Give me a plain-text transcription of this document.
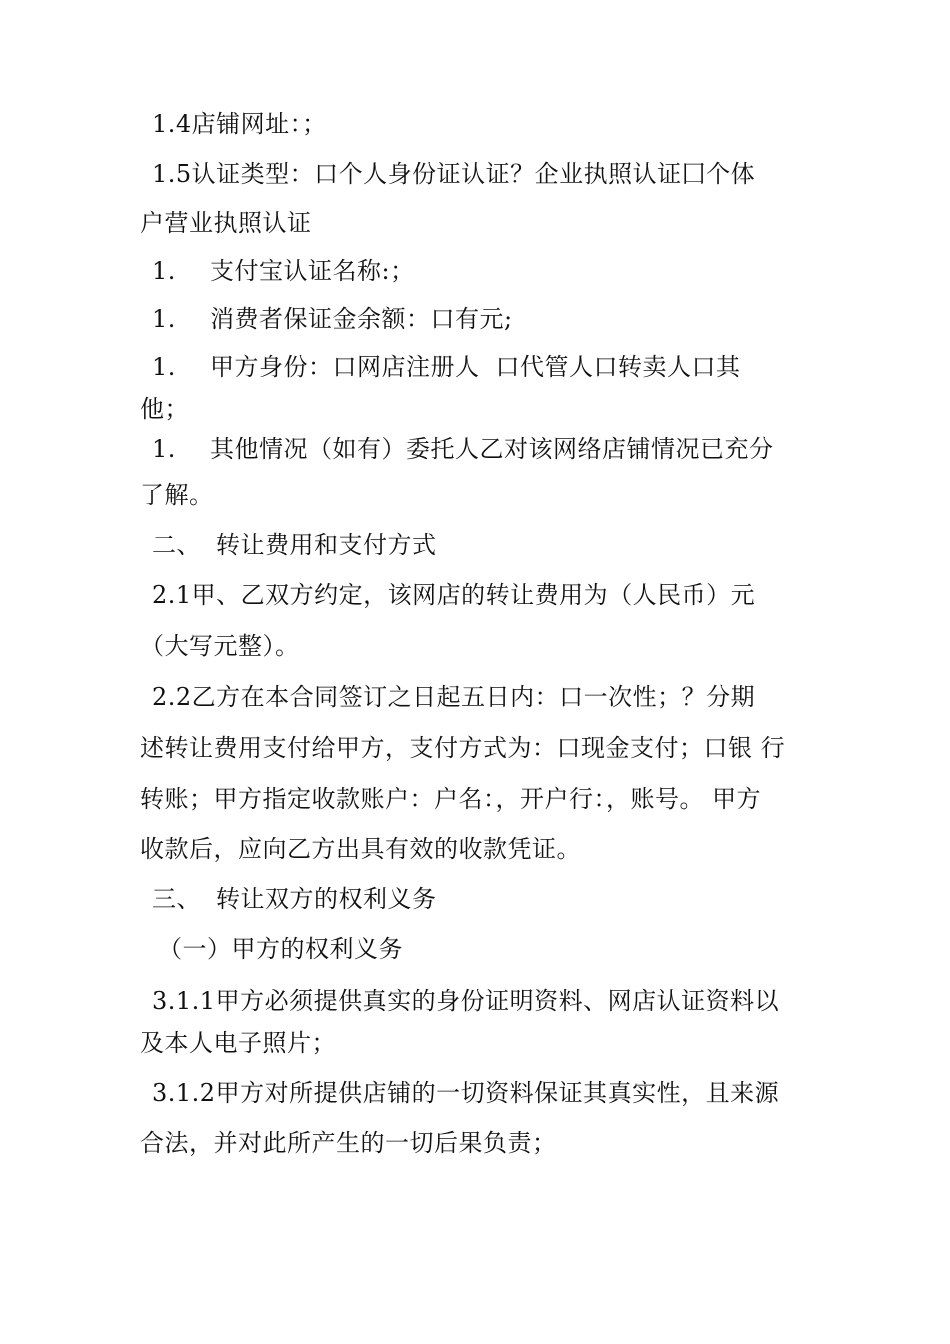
1.4店铺网址：；
1.5认证类型：口个人身份证认证？企业执照认证囗个体
户营业执照认证
1. 支付宝认证名称:；
1. 消费者保证金余额：口有元;
1. 甲方身份：口网店注册人 口代管人口转卖人口其
他；
1. 其他情况（如有）委托人乙对该网络店铺情况已充分
了解。
二、 转让费用和支付方式
2.1甲、乙双方约定，该网店的转让费用为（人民币）元
（大写元整）。
2.2乙方在本合同签订之日起五日内：口一次性；？分期
述转让费用支付给甲方，支付方式为：口现金支付；口银 行
转账；甲方指定收款账户：户名：，开户行：，账号。 甲方
收款后，应向乙方出具有效的收款凭证。
三、 转让双方的权利义务
（一）甲方的权利义务
3.1.1甲方必须提供真实的身份证明资料、网店认证资料以
及本人电子照片；
3.1.2甲方对所提供店铺的一切资料保证其真实性，且来源
合法，并对此所产生的一切后果负责；
